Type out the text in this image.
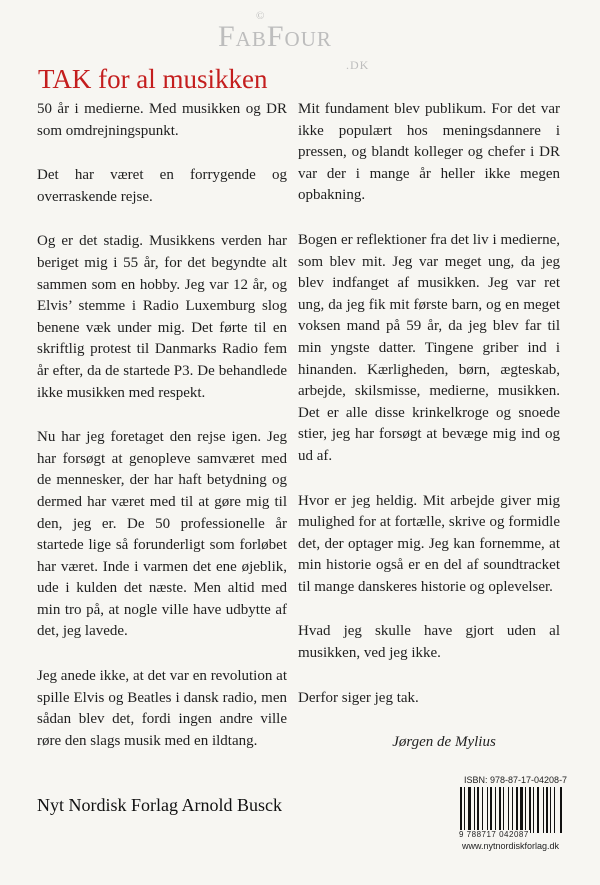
FabFour
©
.DK
TAK for al musikken

50 år i medierne. Med musikken og DR som omdrejningspunkt.

Det har været en forrygende og overraskende rejse.

Og er det stadig. Musikkens verden har beriget mig i 55 år, for det begyndte alt sammen som en hobby. Jeg var 12 år, og Elvis’ stemme i Radio Luxemburg slog benene væk under mig. Det førte til en skriftlig protest til Danmarks Radio fem år efter, da de startede P3. De behandlede ikke musikken med respekt.

Nu har jeg foretaget den rejse igen. Jeg har forsøgt at genopleve samværet med de mennesker, der har haft betydning og dermed har været med til at gøre mig til den, jeg er. De 50 professionelle år startede lige så forunderligt som forløbet har været. Inde i varmen det ene øjeblik, ude i kulden det næste. Men altid med min tro på, at nogle ville have udbytte af det, jeg lavede.

Jeg anede ikke, at det var en revolution at spille Elvis og Beatles i dansk radio, men sådan blev det, fordi ingen andre ville røre den slags musik med en ildtang.

Mit fundament blev publikum. For det var ikke populært hos meningsdannere i pressen, og blandt kolleger og chefer i DR var der i mange år heller ikke megen opbakning.

Bogen er reflektioner fra det liv i medierne, som blev mit. Jeg var meget ung, da jeg blev indfanget af musikken. Jeg var ret ung, da jeg fik mit første barn, og en meget voksen mand på 59 år, da jeg blev far til min yngste datter. Tingene griber ind i hinanden. Kærligheden, børn, ægteskab, arbejde, skilsmisse, medierne, musikken. Det er alle disse krinkelkroge og snoede stier, jeg har forsøgt at bevæge mig ind og ud af.

Hvor er jeg heldig. Mit arbejde giver mig mulighed for at fortælle, skrive og formidle det, der optager mig. Jeg kan fornemme, at min historie også er en del af soundtracket til mange danskeres historie og oplevelser.

Hvad jeg skulle have gjort uden al musikken, ved jeg ikke.

Derfor siger jeg tak.

Jørgen de Mylius

Nyt Nordisk Forlag Arnold Busck
ISBN: 978-87-17-04208-7
9 788717 042087
www.nytnordiskforlag.dk
